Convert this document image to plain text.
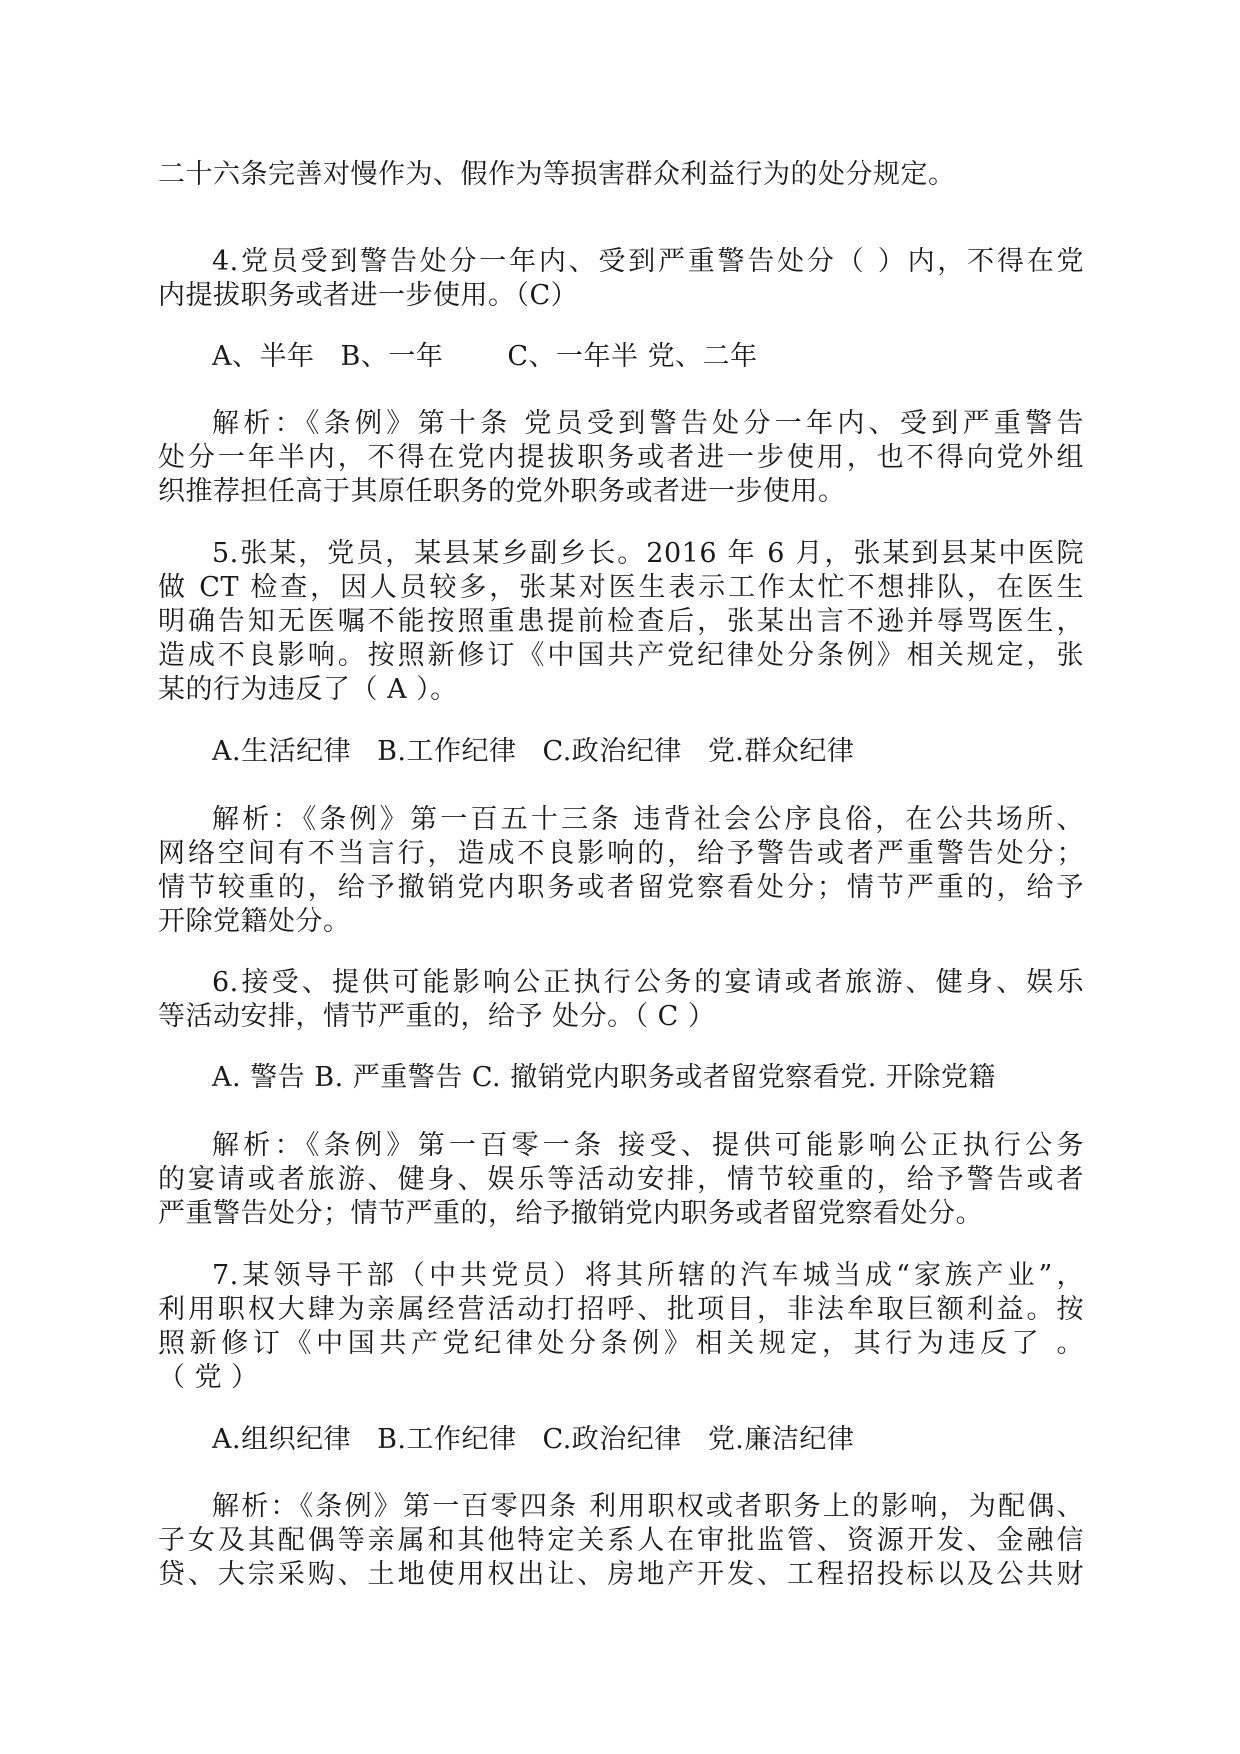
二十六条完善对慢作为、假作为等损害群众利益行为的处分规定。
4.党员受到警告处分一年内、受到严重警告处分（ ）内，不得在党
内提拔职务或者进一步使用。（C）
A、半年 B、一年 C、一年半 党、二年
解析：《条例》第十条 党员受到警告处分一年内、受到严重警告
处分一年半内，不得在党内提拔职务或者进一步使用，也不得向党外组
织推荐担任高于其原任职务的党外职务或者进一步使用。
5.张某，党员，某县某乡副乡长。2016 年 6 月，张某到县某中医院
做 CT 检查，因人员较多，张某对医生表示工作太忙不想排队，在医生
明确告知无医嘱不能按照重患提前检查后，张某出言不逊并辱骂医生，
造成不良影响。按照新修订《中国共产党纪律处分条例》相关规定，张
某的行为违反了（ A ）。
A.生活纪律 B.工作纪律 C.政治纪律 党.群众纪律
解析：《条例》第一百五十三条 违背社会公序良俗，在公共场所、
网络空间有不当言行，造成不良影响的，给予警告或者严重警告处分；
情节较重的，给予撤销党内职务或者留党察看处分；情节严重的，给予
开除党籍处分。
6.接受、提供可能影响公正执行公务的宴请或者旅游、健身、娱乐
等活动安排，情节严重的，给予 处分。（ C ）
A. 警告 B. 严重警告 C. 撤销党内职务或者留党察看党. 开除党籍
解析：《条例》第一百零一条 接受、提供可能影响公正执行公务
的宴请或者旅游、健身、娱乐等活动安排，情节较重的，给予警告或者
严重警告处分；情节严重的，给予撤销党内职务或者留党察看处分。
7.某领导干部（中共党员）将其所辖的汽车城当成“家族产业”，
利用职权大肆为亲属经营活动打招呼、批项目，非法牟取巨额利益。按
照新修订《中国共产党纪律处分条例》相关规定，其行为违反了 。
（ 党 ）
A.组织纪律 B.工作纪律 C.政治纪律 党.廉洁纪律
解析：《条例》第一百零四条 利用职权或者职务上的影响，为配偶、
子女及其配偶等亲属和其他特定关系人在审批监管、资源开发、金融信
贷、大宗采购、土地使用权出让、房地产开发、工程招投标以及公共财
